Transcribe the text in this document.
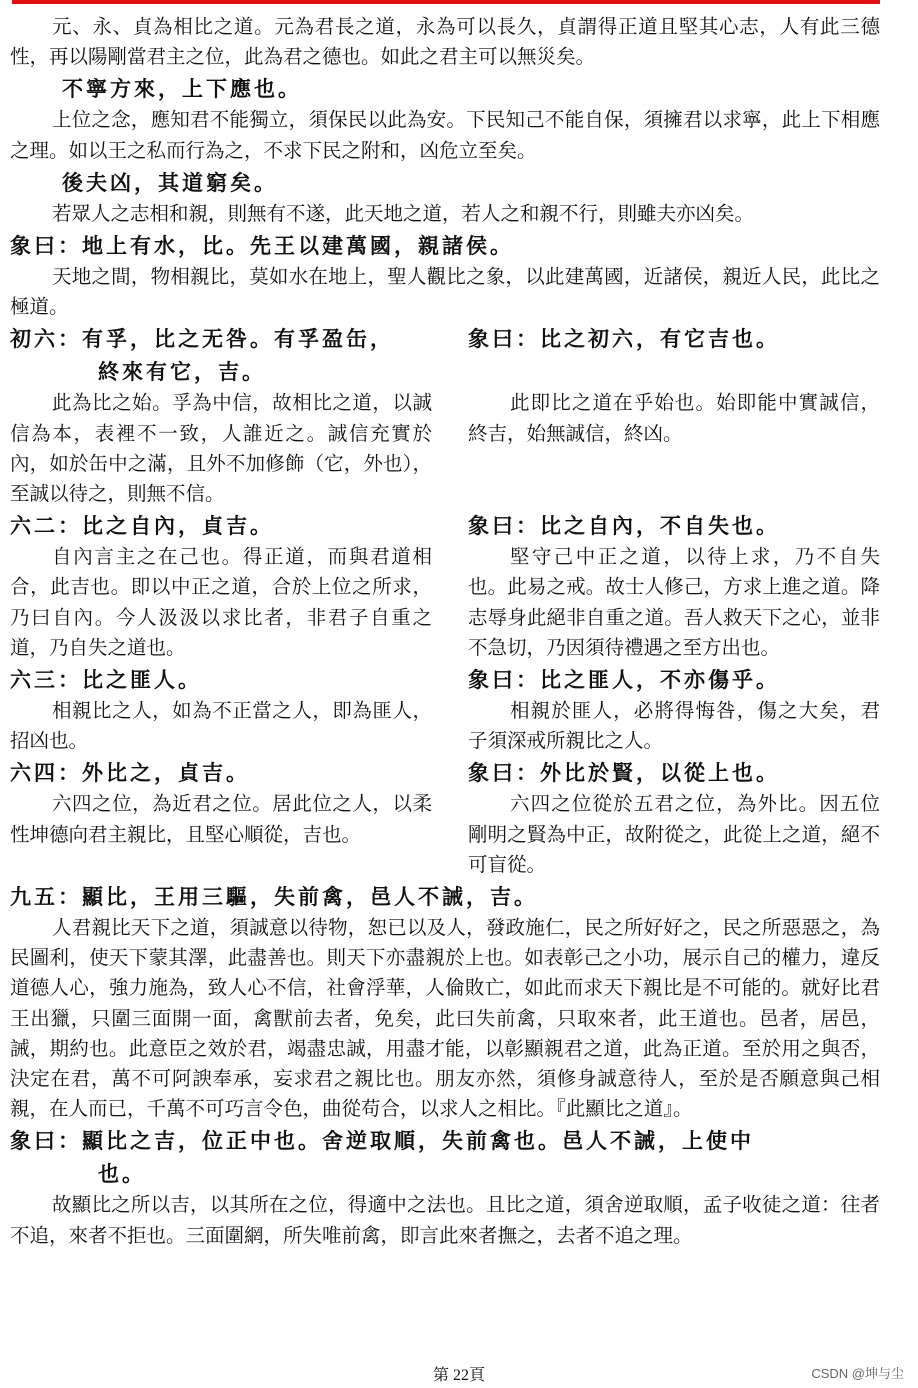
元、永、貞為相比之道。元為君長之道，永為可以長久，貞謂得正道且堅其心志，人有此三德性，再以陽剛當君主之位，此為君之德也。如此之君主可以無災矣。

不寧方來，上下應也。

上位之念，應知君不能獨立，須保民以此為安。下民知己不能自保，須擁君以求寧，此上下相應之理。如以王之私而行為之，不求下民之附和，凶危立至矣。

後夫凶，其道窮矣。

若眾人之志相和親，則無有不遂，此天地之道，若人之和親不行，則雖夫亦凶矣。

象曰：地上有水，比。先王以建萬國，親諸侯。

天地之間，物相親比，莫如水在地上，聖人觀比之象，以此建萬國，近諸侯，親近人民，此比之極道。

初六：有孚，比之无咎。有孚盈缶，
終來有它，吉。

此為比之始。孚為中信，故相比之道，以誠信為本，表裡不一致，人誰近之。誠信充實於內，如於缶中之滿，且外不加修飾（它，外也），至誠以待之，則無不信。

象曰：比之初六，有它吉也。

此即比之道在乎始也。始即能中實誠信，終吉，始無誠信，終凶。

六二：比之自內，貞吉。

自內言主之在己也。得正道，而與君道相合，此吉也。即以中正之道，合於上位之所求，乃曰自內。今人汲汲以求比者，非君子自重之道，乃自失之道也。

象曰：比之自內，不自失也。

堅守己中正之道，以待上求，乃不自失也。此易之戒。故士人修己，方求上進之道。降志辱身此絕非自重之道。吾人救天下之心，並非不急切，乃因須待禮遇之至方出也。

六三：比之匪人。

相親比之人，如為不正當之人，即為匪人，招凶也。

象曰：比之匪人，不亦傷乎。

相親於匪人，必將得悔咎，傷之大矣，君子須深戒所親比之人。

六四：外比之，貞吉。

六四之位，為近君之位。居此位之人，以柔性坤德向君主親比，且堅心順從，吉也。

象曰：外比於賢，以從上也。

六四之位從於五君之位，為外比。因五位剛明之賢為中正，故附從之，此從上之道，絕不可盲從。

九五：顯比，王用三驅，失前禽，邑人不誡，吉。

人君親比天下之道，須誠意以待物，恕已以及人，發政施仁，民之所好好之，民之所惡惡之，為民圖利，使天下蒙其澤，此盡善也。則天下亦盡親於上也。如表彰己之小功，展示自己的權力，違反道德人心，強力施為，致人心不信，社會浮華，人倫敗亡，如此而求天下親比是不可能的。就好比君王出獵，只圍三面開一面，禽獸前去者，免矣，此曰失前禽，只取來者，此王道也。邑者，居邑，誡，期約也。此意臣之效於君，竭盡忠誠，用盡才能，以彰顯親君之道，此為正道。至於用之與否，決定在君，萬不可阿諛奉承，妄求君之親比也。朋友亦然，須修身誠意待人，至於是否願意與己相親，在人而已，千萬不可巧言令色，曲從苟合，以求人之相比。『此顯比之道』。

象曰：顯比之吉，位正中也。舍逆取順，失前禽也。邑人不誡，上使中
也。

故顯比之所以吉，以其所在之位，得適中之法也。且比之道，須舍逆取順，孟子收徒之道：往者不追，來者不拒也。三面圍網，所失唯前禽，即言此來者撫之，去者不追之理。

第 22頁	CSDN @坤与尘
